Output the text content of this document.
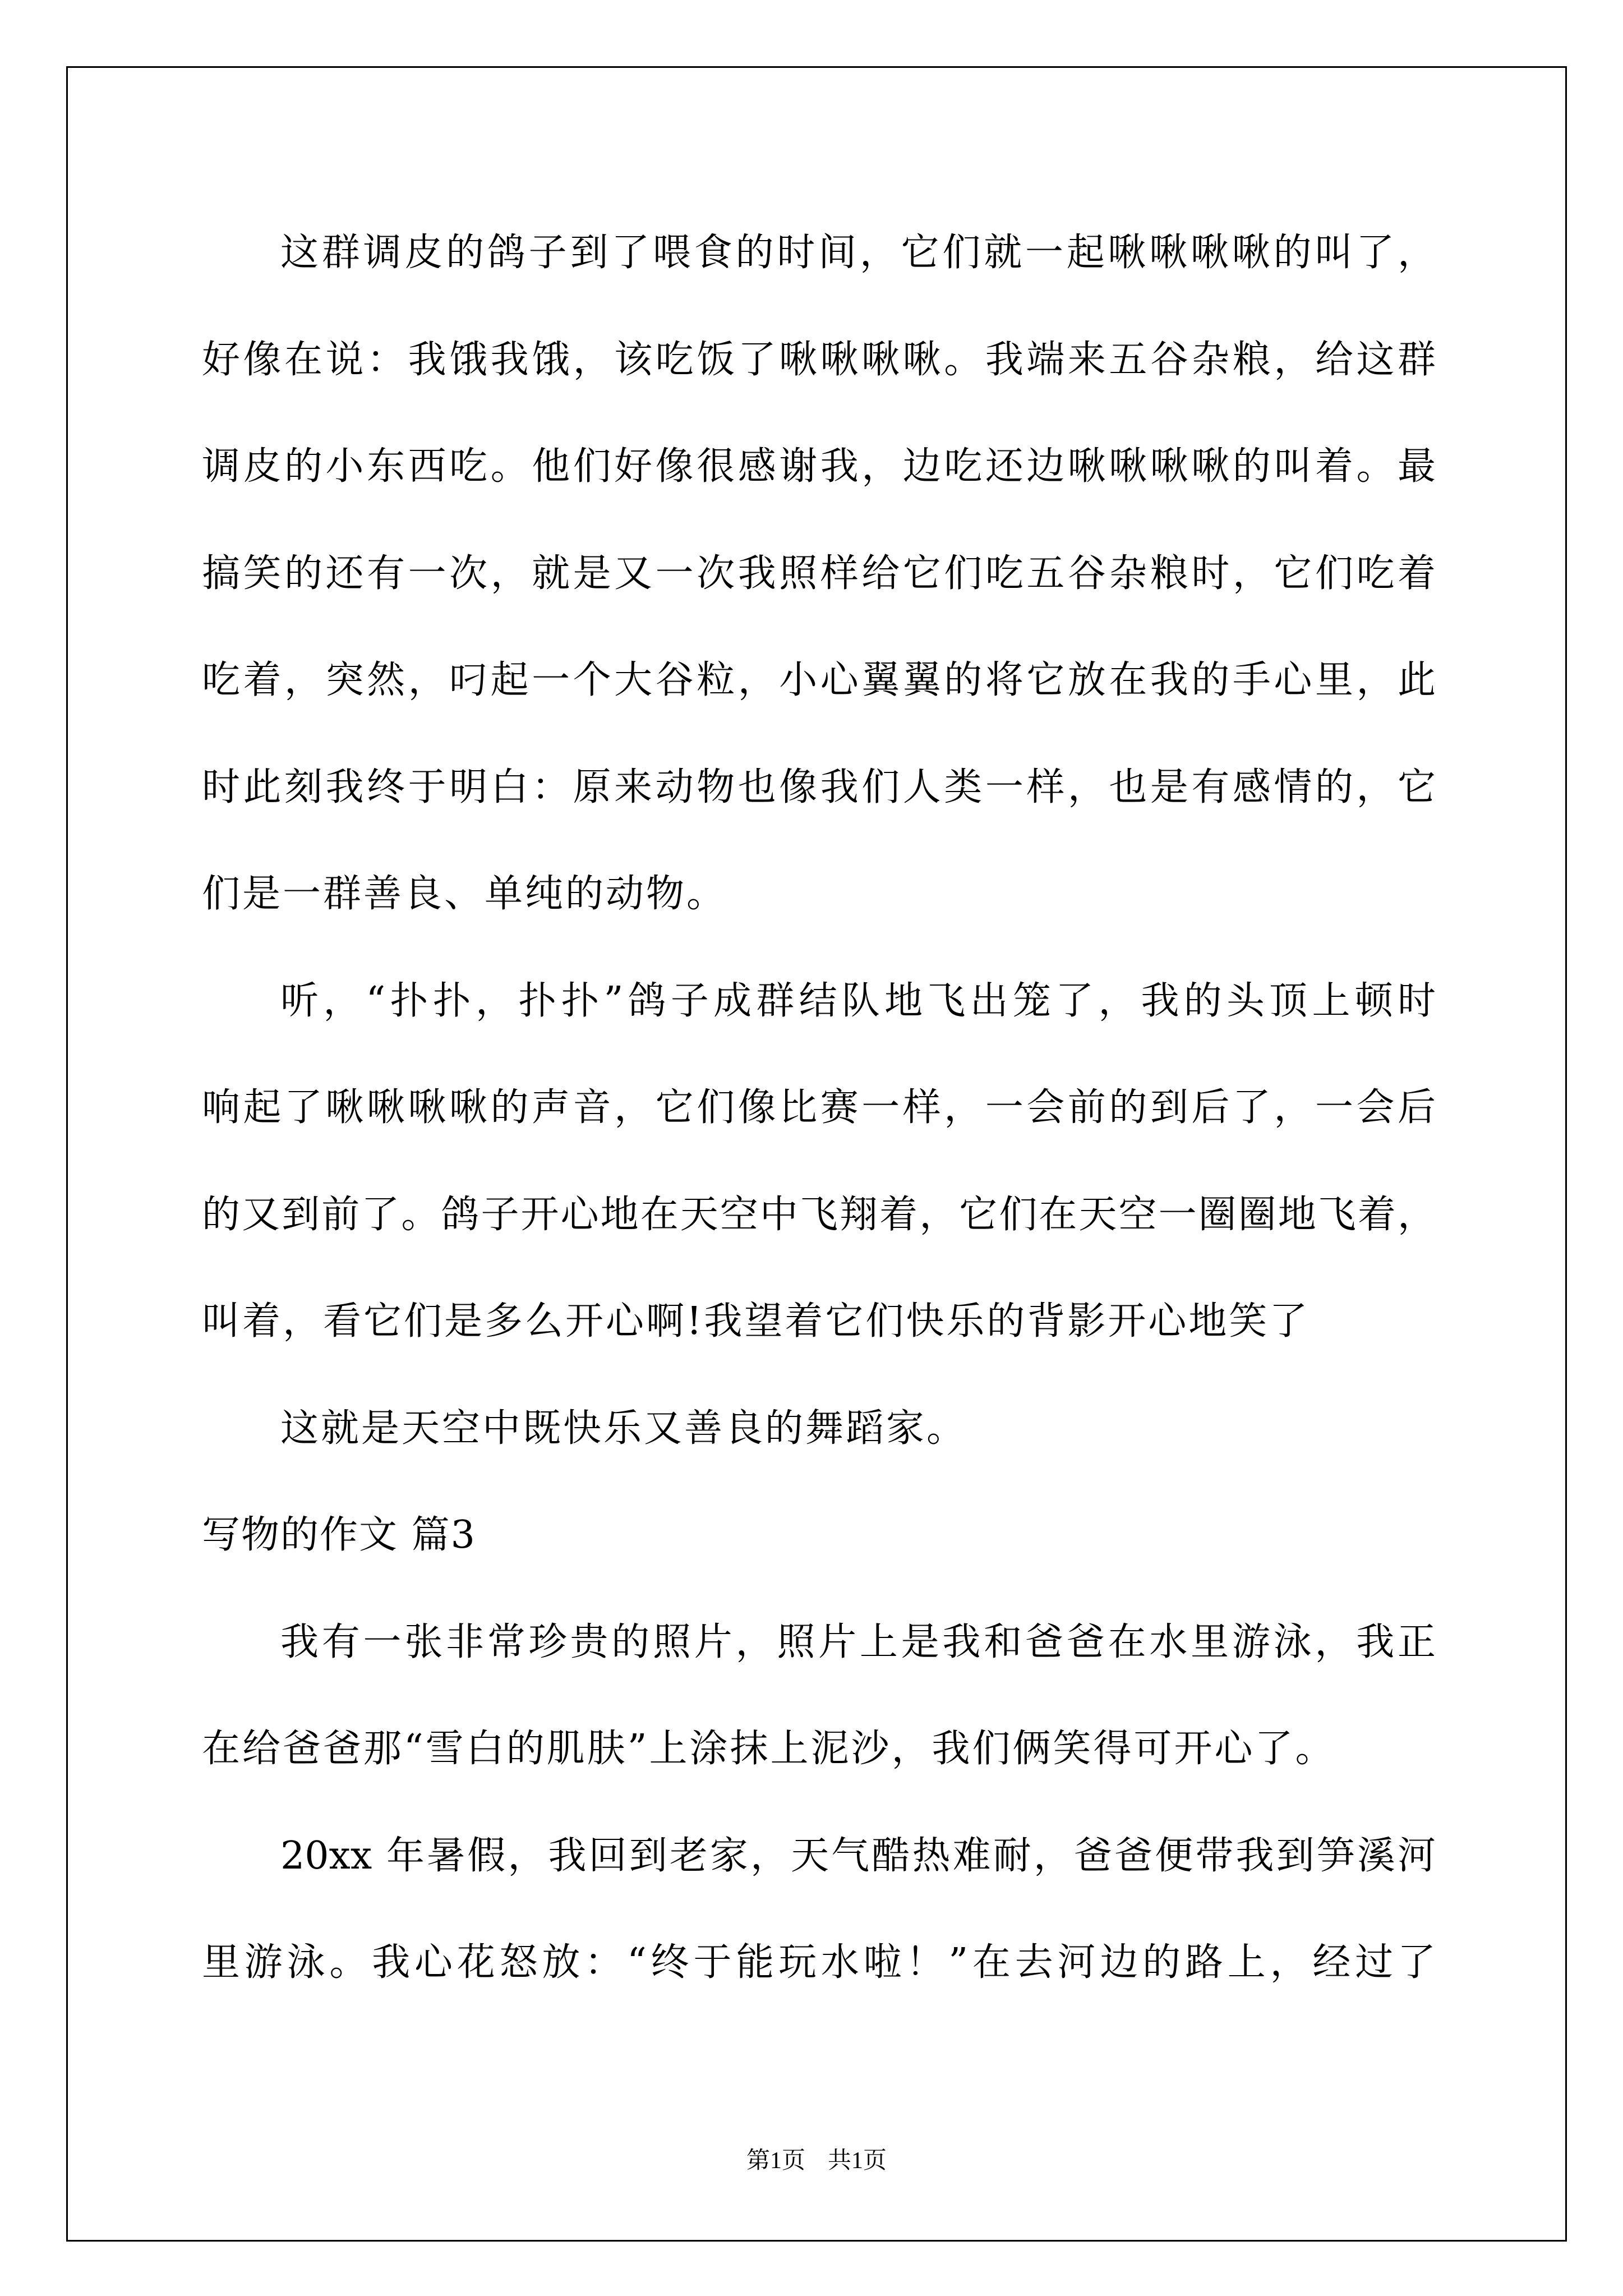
这群调皮的鸽子到了喂食的时间，它们就一起啾啾啾啾的叫了，
好像在说：我饿我饿，该吃饭了啾啾啾啾。我端来五谷杂粮，给这群
调皮的小东西吃。他们好像很感谢我，边吃还边啾啾啾啾的叫着。最
搞笑的还有一次，就是又一次我照样给它们吃五谷杂粮时，它们吃着
吃着，突然，叼起一个大谷粒，小心翼翼的将它放在我的手心里，此
时此刻我终于明白：原来动物也像我们人类一样，也是有感情的，它
们是一群善良、单纯的动物。
听，“扑扑，扑扑”鸽子成群结队地飞出笼了，我的头顶上顿时
响起了啾啾啾啾的声音，它们像比赛一样，一会前的到后了，一会后
的又到前了。鸽子开心地在天空中飞翔着，它们在天空一圈圈地飞着，
叫着，看它们是多么开心啊!我望着它们快乐的背影开心地笑了
这就是天空中既快乐又善良的舞蹈家。
写物的作文 篇3
我有一张非常珍贵的照片，照片上是我和爸爸在水里游泳，我正
在给爸爸那“雪白的肌肤”上涂抹上泥沙，我们俩笑得可开心了。
20xx 年暑假，我回到老家，天气酷热难耐，爸爸便带我到笋溪河
里游泳。我心花怒放：“终于能玩水啦！”在去河边的路上，经过了
第1页 共1页
